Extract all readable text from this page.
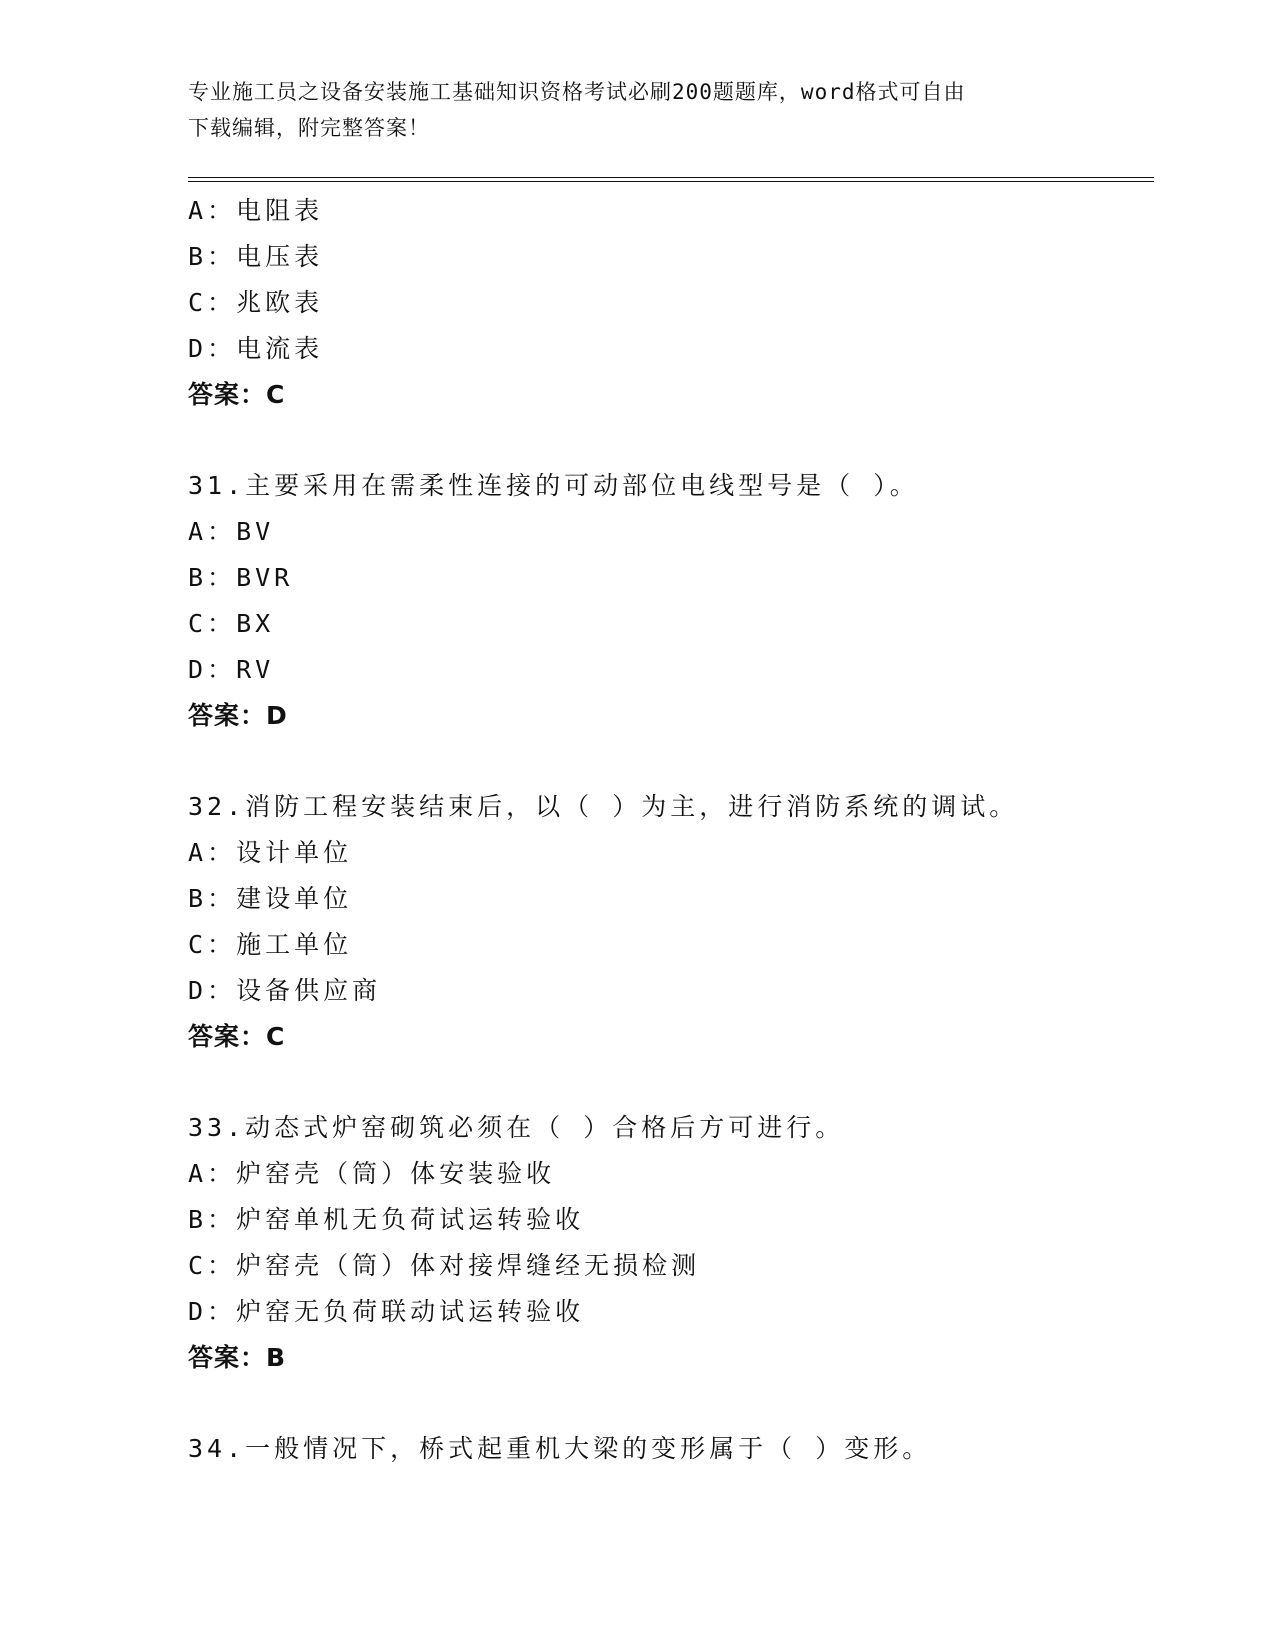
专业施工员之设备安装施工基础知识资格考试必刷200题题库，word格式可自由
下载编辑，附完整答案！
A：电阻表
B：电压表
C：兆欧表
D：电流表
答案：C
31.主要采用在需柔性连接的可动部位电线型号是（ ）。
A：BV
B：BVR
C：BX
D：RV
答案：D
32.消防工程安装结束后，以（ ）为主，进行消防系统的调试。
A：设计单位
B：建设单位
C：施工单位
D：设备供应商
答案：C
33.动态式炉窑砌筑必须在（ ）合格后方可进行。
A：炉窑壳（筒）体安装验收
B：炉窑单机无负荷试运转验收
C：炉窑壳（筒）体对接焊缝经无损检测
D：炉窑无负荷联动试运转验收
答案：B
34.一般情况下，桥式起重机大梁的变形属于（ ）变形。
